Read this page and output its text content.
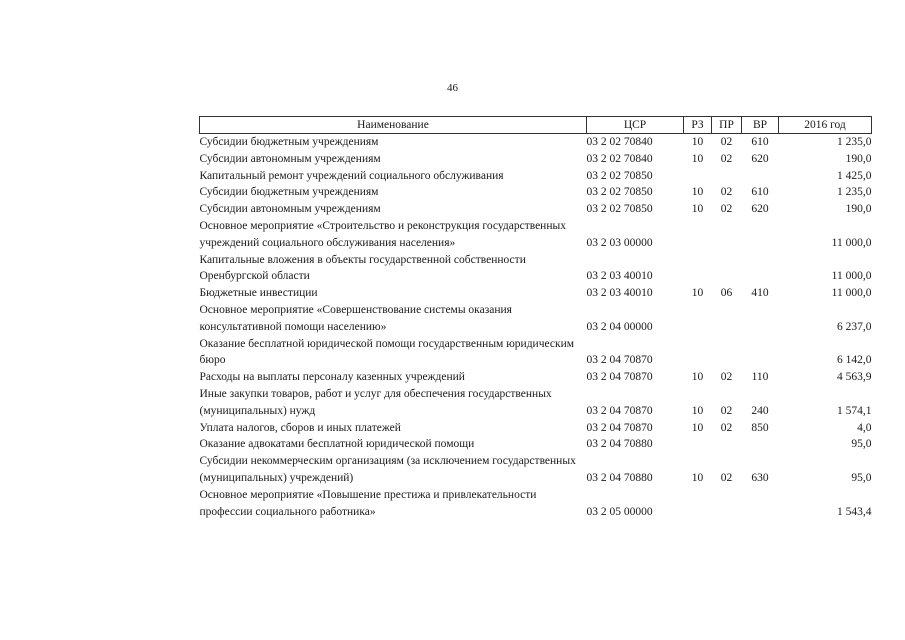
46
Наименование	ЦСР	РЗ	ПР	ВР	2016 год
Субсидии бюджетным учреждениям	03 2 02 70840	10	02	610	1 235,0
Субсидии автономным учреждениям	03 2 02 70840	10	02	620	190,0
Капитальный ремонт учреждений социального обслуживания	03 2 02 70850				1 425,0
Субсидии бюджетным учреждениям	03 2 02 70850	10	02	610	1 235,0
Субсидии автономным учреждениям	03 2 02 70850	10	02	620	190,0
Основное мероприятие «Строительство и реконструкция государственных учреждений социального обслуживания населения»	03 2 03 00000				11 000,0
Капитальные вложения в объекты государственной собственности Оренбургской области	03 2 03 40010				11 000,0
Бюджетные инвестиции	03 2 03 40010	10	06	410	11 000,0
Основное мероприятие «Совершенствование системы оказания консультативной помощи населению»	03 2 04 00000				6 237,0
Оказание бесплатной юридической помощи государственным юридическим бюро	03 2 04 70870				6 142,0
Расходы на выплаты персоналу казенных учреждений	03 2 04 70870	10	02	110	4 563,9
Иные закупки товаров, работ и услуг для обеспечения государственных (муниципальных) нужд	03 2 04 70870	10	02	240	1 574,1
Уплата налогов, сборов и иных платежей	03 2 04 70870	10	02	850	4,0
Оказание адвокатами бесплатной юридической помощи	03 2 04 70880				95,0
Субсидии некоммерческим организациям (за исключением государственных (муниципальных) учреждений)	03 2 04 70880	10	02	630	95,0
Основное мероприятие «Повышение престижа и привлекательности профессии социального работника»	03 2 05 00000				1 543,4
